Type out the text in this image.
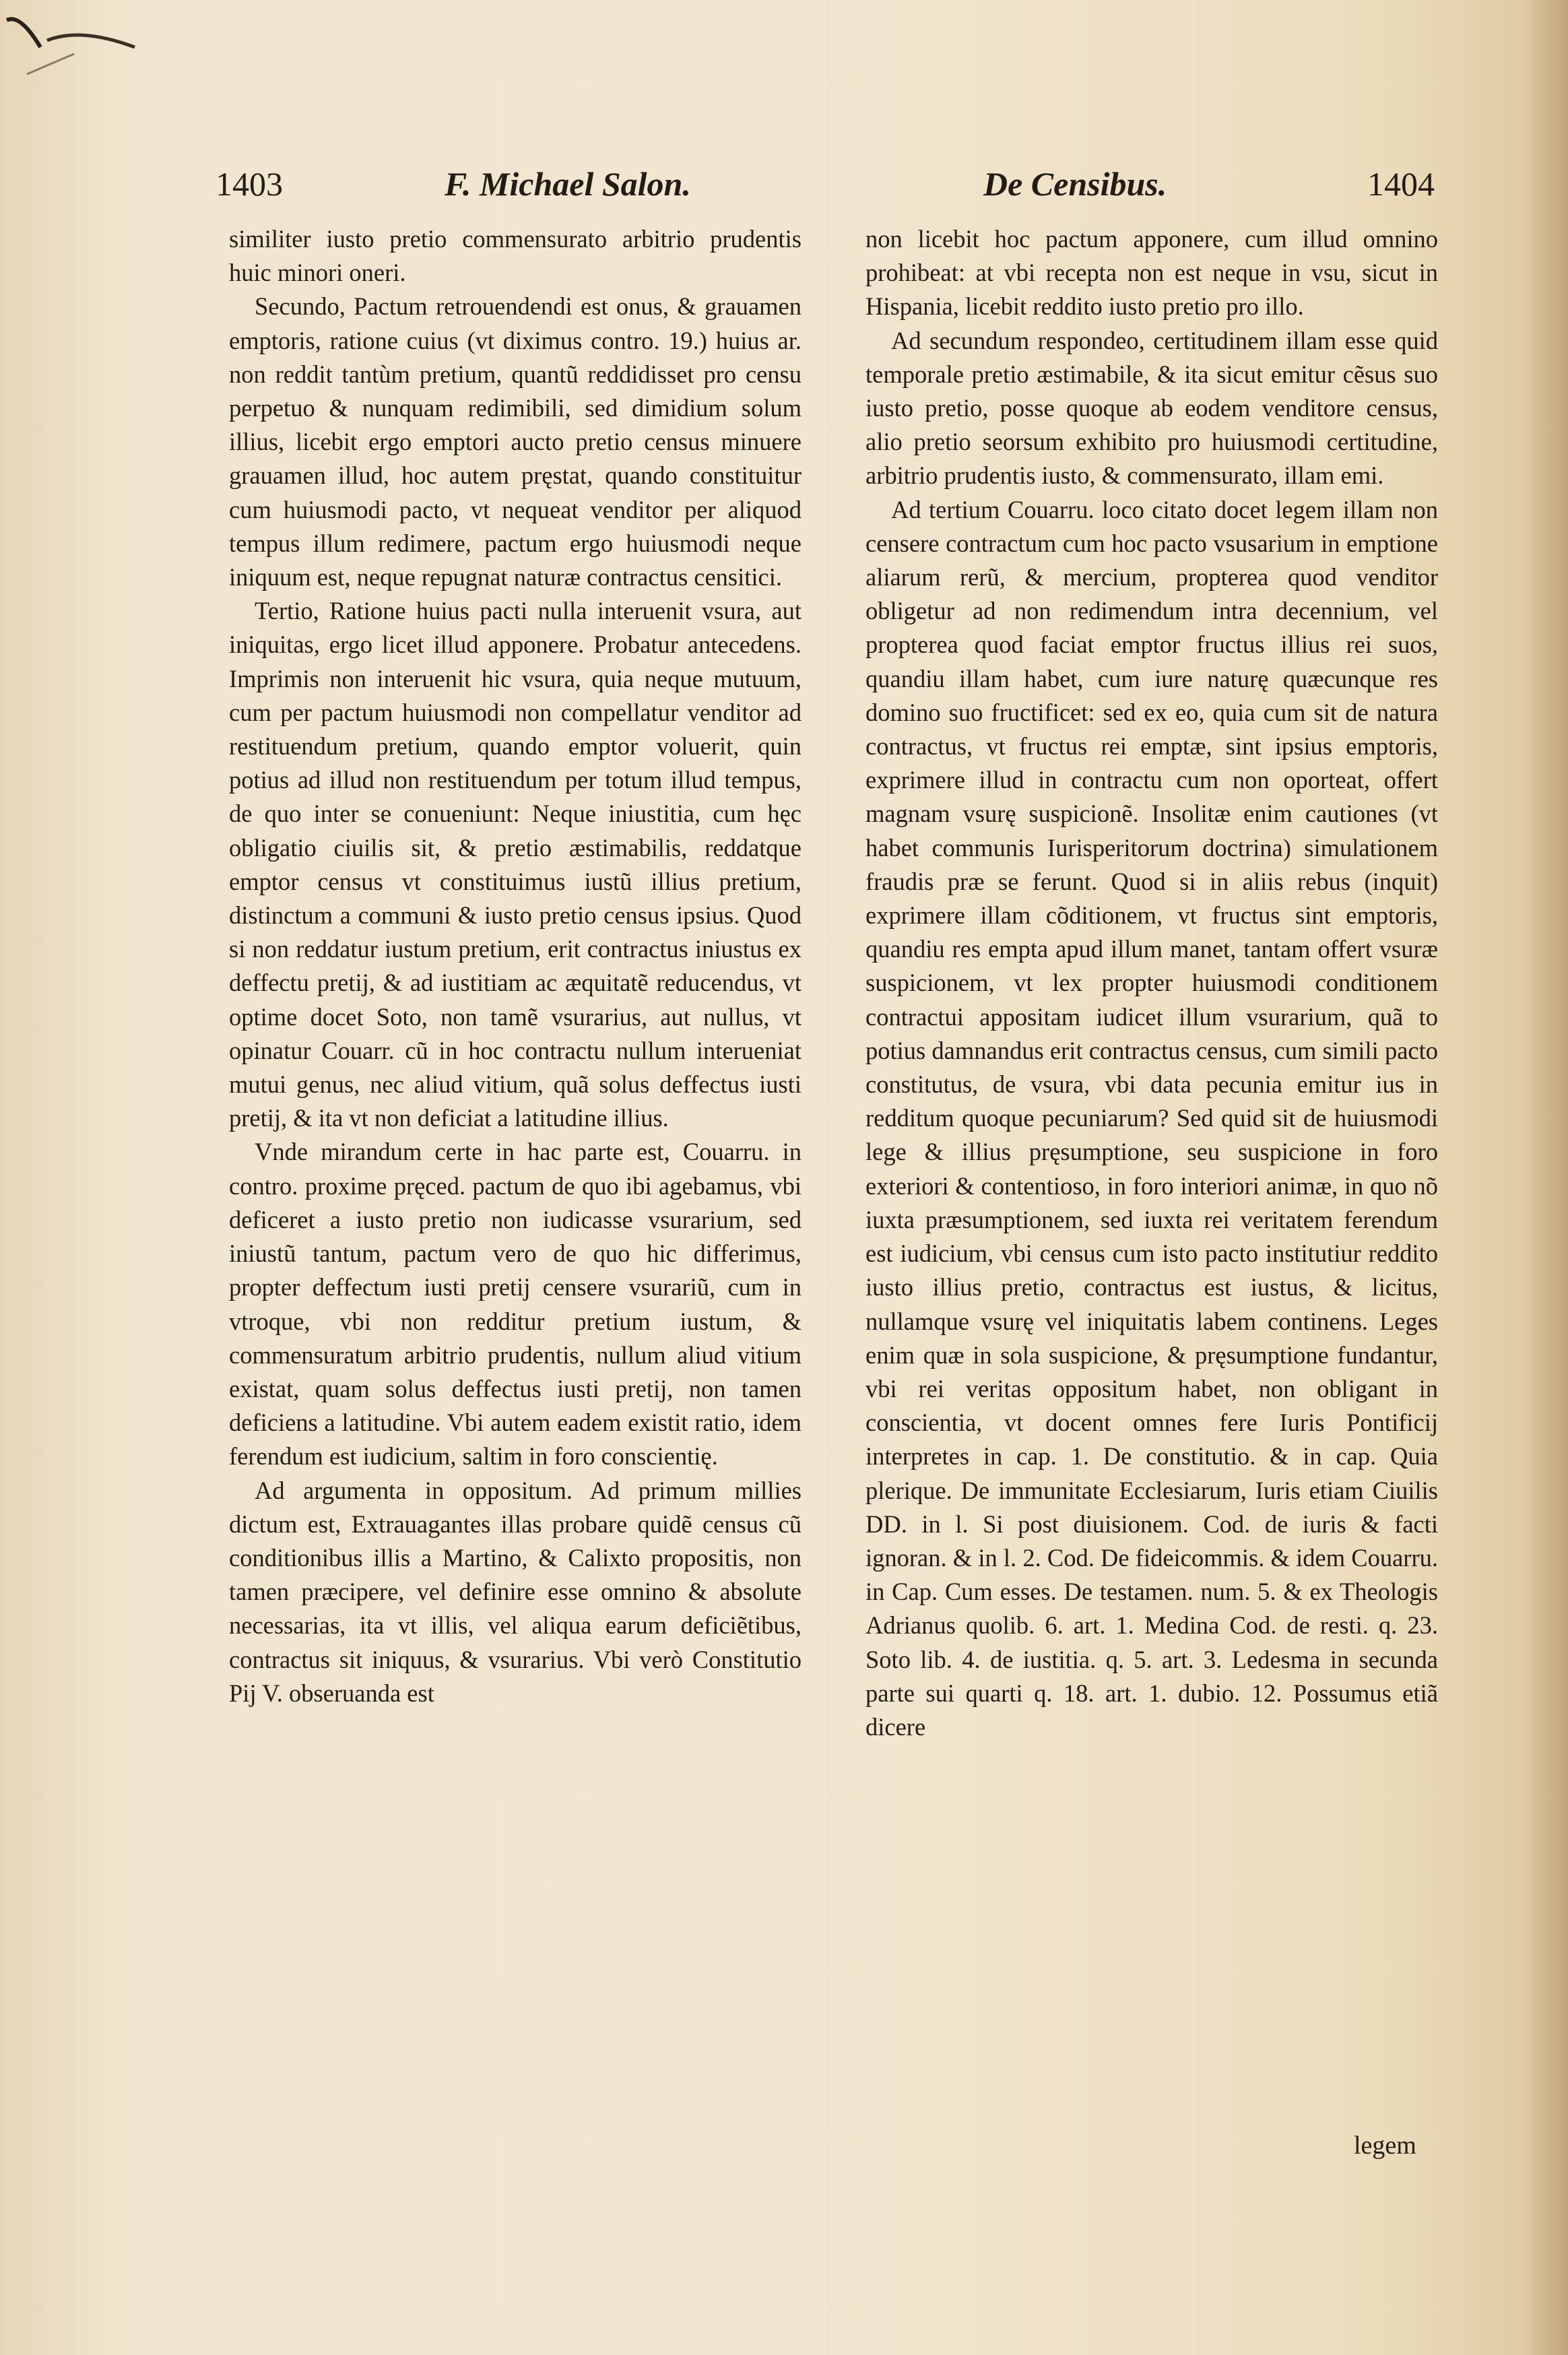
1403	F. Michael Salon.	De Censibus.	1404

similiter iusto pretio commensurato arbitrio prudentis huic minori oneri.

Secundo, Pactum retrouendendi est onus, & grauamen emptoris, ratione cuius (vt diximus contro. 19.) huius ar. non reddit tantùm pretium, quantũ reddidisset pro censu perpetuo & nunquam redimibili, sed dimidium solum illius, licebit ergo emptori aucto pretio census minuere grauamen illud, hoc autem pręstat, quando constituitur cum huiusmodi pacto, vt nequeat venditor per aliquod tempus illum redimere, pactum ergo huiusmodi neque iniquum est, neque repugnat naturæ contractus censitici.

Tertio, Ratione huius pacti nulla interuenit vsura, aut iniquitas, ergo licet illud apponere. Probatur antecedens. Imprimis non interuenit hic vsura, quia neque mutuum, cum per pactum huiusmodi non compellatur venditor ad restituendum pretium, quando emptor voluerit, quin potius ad illud non restituendum per totum illud tempus, de quo inter se conueniunt: Neque iniustitia, cum hęc obligatio ciuilis sit, & pretio æstimabilis, reddatque emptor census vt constituimus iustũ illius pretium, distinctum a communi & iusto pretio census ipsius. Quod si non reddatur iustum pretium, erit contractus iniustus ex deffectu pretij, & ad iustitiam ac æquitatẽ reducendus, vt optime docet Soto, non tamẽ vsurarius, aut nullus, vt opinatur Couarr. cũ in hoc contractu nullum interueniat mutui genus, nec aliud vitium, quã solus deffectus iusti pretij, & ita vt non deficiat a latitudine illius.

Vnde mirandum certe in hac parte est, Couarru. in contro. proxime pręced. pactum de quo ibi agebamus, vbi deficeret a iusto pretio non iudicasse vsurarium, sed iniustũ tantum, pactum vero de quo hic differimus, propter deffectum iusti pretij censere vsurariũ, cum in vtroque, vbi non redditur pretium iustum, & commensuratum arbitrio prudentis, nullum aliud vitium existat, quam solus deffectus iusti pretij, non tamen deficiens a latitudine. Vbi autem eadem existit ratio, idem ferendum est iudicium, saltim in foro conscientię.

Ad argumenta in oppositum. Ad primum millies dictum est, Extrauagantes illas probare quidẽ census cũ conditionibus illis a Martino, & Calixto propositis, non tamen præcipere, vel definire esse omnino & absolute necessarias, ita vt illis, vel aliqua earum deficiẽtibus, contractus sit iniquus, & vsurarius. Vbi verò Constitutio Pij V. obseruanda est

non licebit hoc pactum apponere, cum illud omnino prohibeat: at vbi recepta non est neque in vsu, sicut in Hispania, licebit reddito iusto pretio pro illo.

Ad secundum respondeo, certitudinem illam esse quid temporale pretio æstimabile, & ita sicut emitur cẽsus suo iusto pretio, posse quoque ab eodem venditore census, alio pretio seorsum exhibito pro huiusmodi certitudine, arbitrio prudentis iusto, & commensurato, illam emi.

Ad tertium Couarru. loco citato docet legem illam non censere contractum cum hoc pacto vsusarium in emptione aliarum rerũ, & mercium, propterea quod venditor obligetur ad non redimendum intra decennium, vel propterea quod faciat emptor fructus illius rei suos, quandiu illam habet, cum iure naturę quæcunque res domino suo fructificet: sed ex eo, quia cum sit de natura contractus, vt fructus rei emptæ, sint ipsius emptoris, exprimere illud in contractu cum non oporteat, offert magnam vsurę suspicionẽ. Insolitæ enim cautiones (vt habet communis Iurisperitorum doctrina) simulationem fraudis præ se ferunt. Quod si in aliis rebus (inquit) exprimere illam cõditionem, vt fructus sint emptoris, quandiu res empta apud illum manet, tantam offert vsuræ suspicionem, vt lex propter huiusmodi conditionem contractui appositam iudicet illum vsurarium, quã to potius damnandus erit contractus census, cum simili pacto constitutus, de vsura, vbi data pecunia emitur ius in redditum quoque pecuniarum? Sed quid sit de huiusmodi lege & illius pręsumptione, seu suspicione in foro exteriori & contentioso, in foro interiori animæ, in quo nõ iuxta præsumptionem, sed iuxta rei veritatem ferendum est iudicium, vbi census cum isto pacto institutiur reddito iusto illius pretio, contractus est iustus, & licitus, nullamque vsurę vel iniquitatis labem continens. Leges enim quæ in sola suspicione, & pręsumptione fundantur, vbi rei veritas oppositum habet, non obligant in conscientia, vt docent omnes fere Iuris Pontificij interpretes in cap. 1. De constitutio. & in cap. Quia plerique. De immunitate Ecclesiarum, Iuris etiam Ciuilis DD. in l. Si post diuisionem. Cod. de iuris & facti ignoran. & in l. 2. Cod. De fideicommis. & idem Couarru. in Cap. Cum esses. De testamen. num. 5. & ex Theologis Adrianus quolib. 6. art. 1. Medina Cod. de resti. q. 23. Soto lib. 4. de iustitia. q. 5. art. 3. Ledesma in secunda parte sui quarti q. 18. art. 1. dubio. 12. Possumus etiã dicere

legem
